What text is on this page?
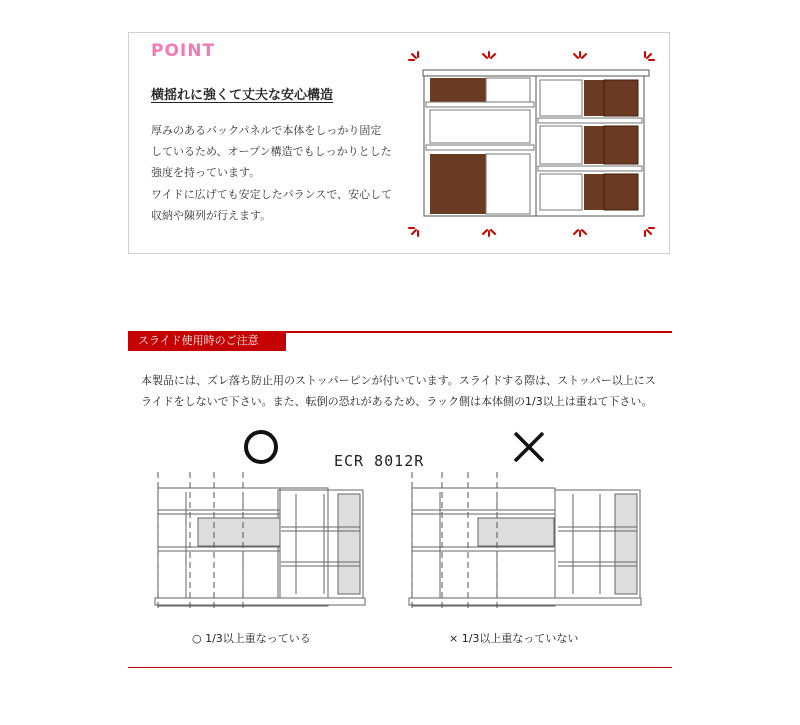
POINT
横揺れに強くて丈夫な安心構造
厚みのあるバックパネルで本体をしっかり固定
しているため、オープン構造でもしっかりとした
強度を持っています。
ワイドに広げても安定したバランスで、安心して
収納や陳列が行えます。
スライド使用時のご注意
本製品には、ズレ落ち防止用のストッパーピンが付いています。スライドする際は、ストッパー以上にス
ライドをしないで下さい。また、転倒の恐れがあるため、ラック側は本体側の1/3以上は重ねて下さい。
ECR 8012R
○ 1/3以上重なっている	× 1/3以上重なっていない
